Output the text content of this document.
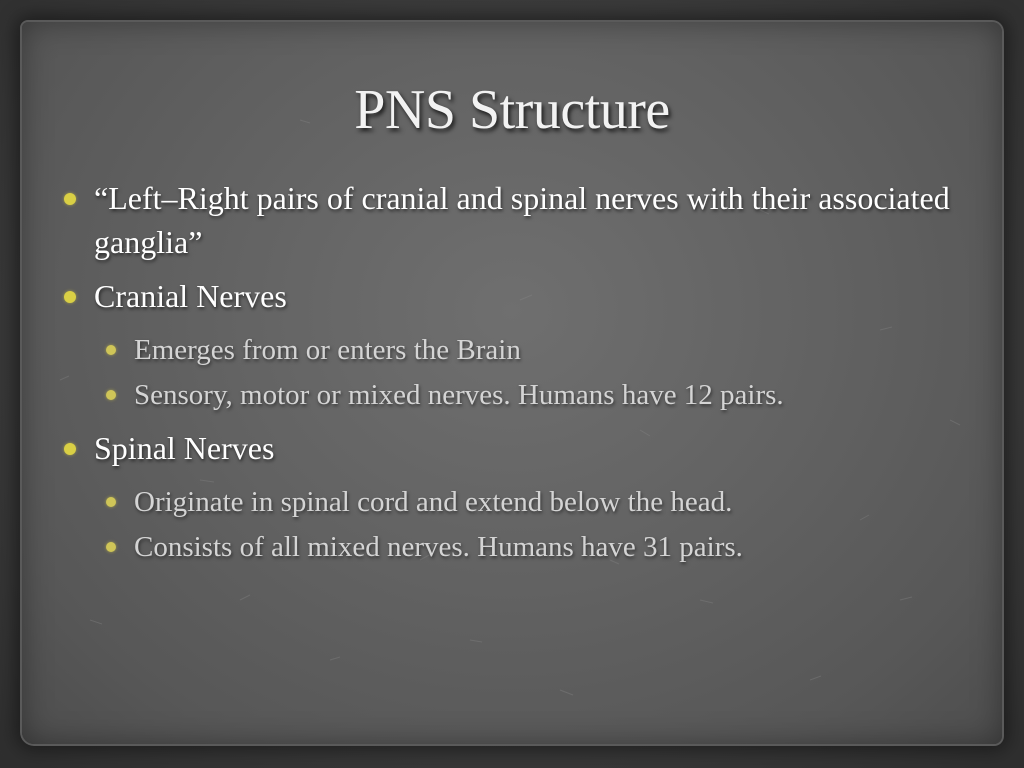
PNS Structure
“Left–Right pairs of cranial and spinal nerves with their associated ganglia”
Cranial Nerves
Emerges from or enters the Brain
Sensory, motor or mixed nerves. Humans have 12 pairs.
Spinal Nerves
Originate in spinal cord and extend below the head.
Consists of all mixed nerves. Humans have 31 pairs.
